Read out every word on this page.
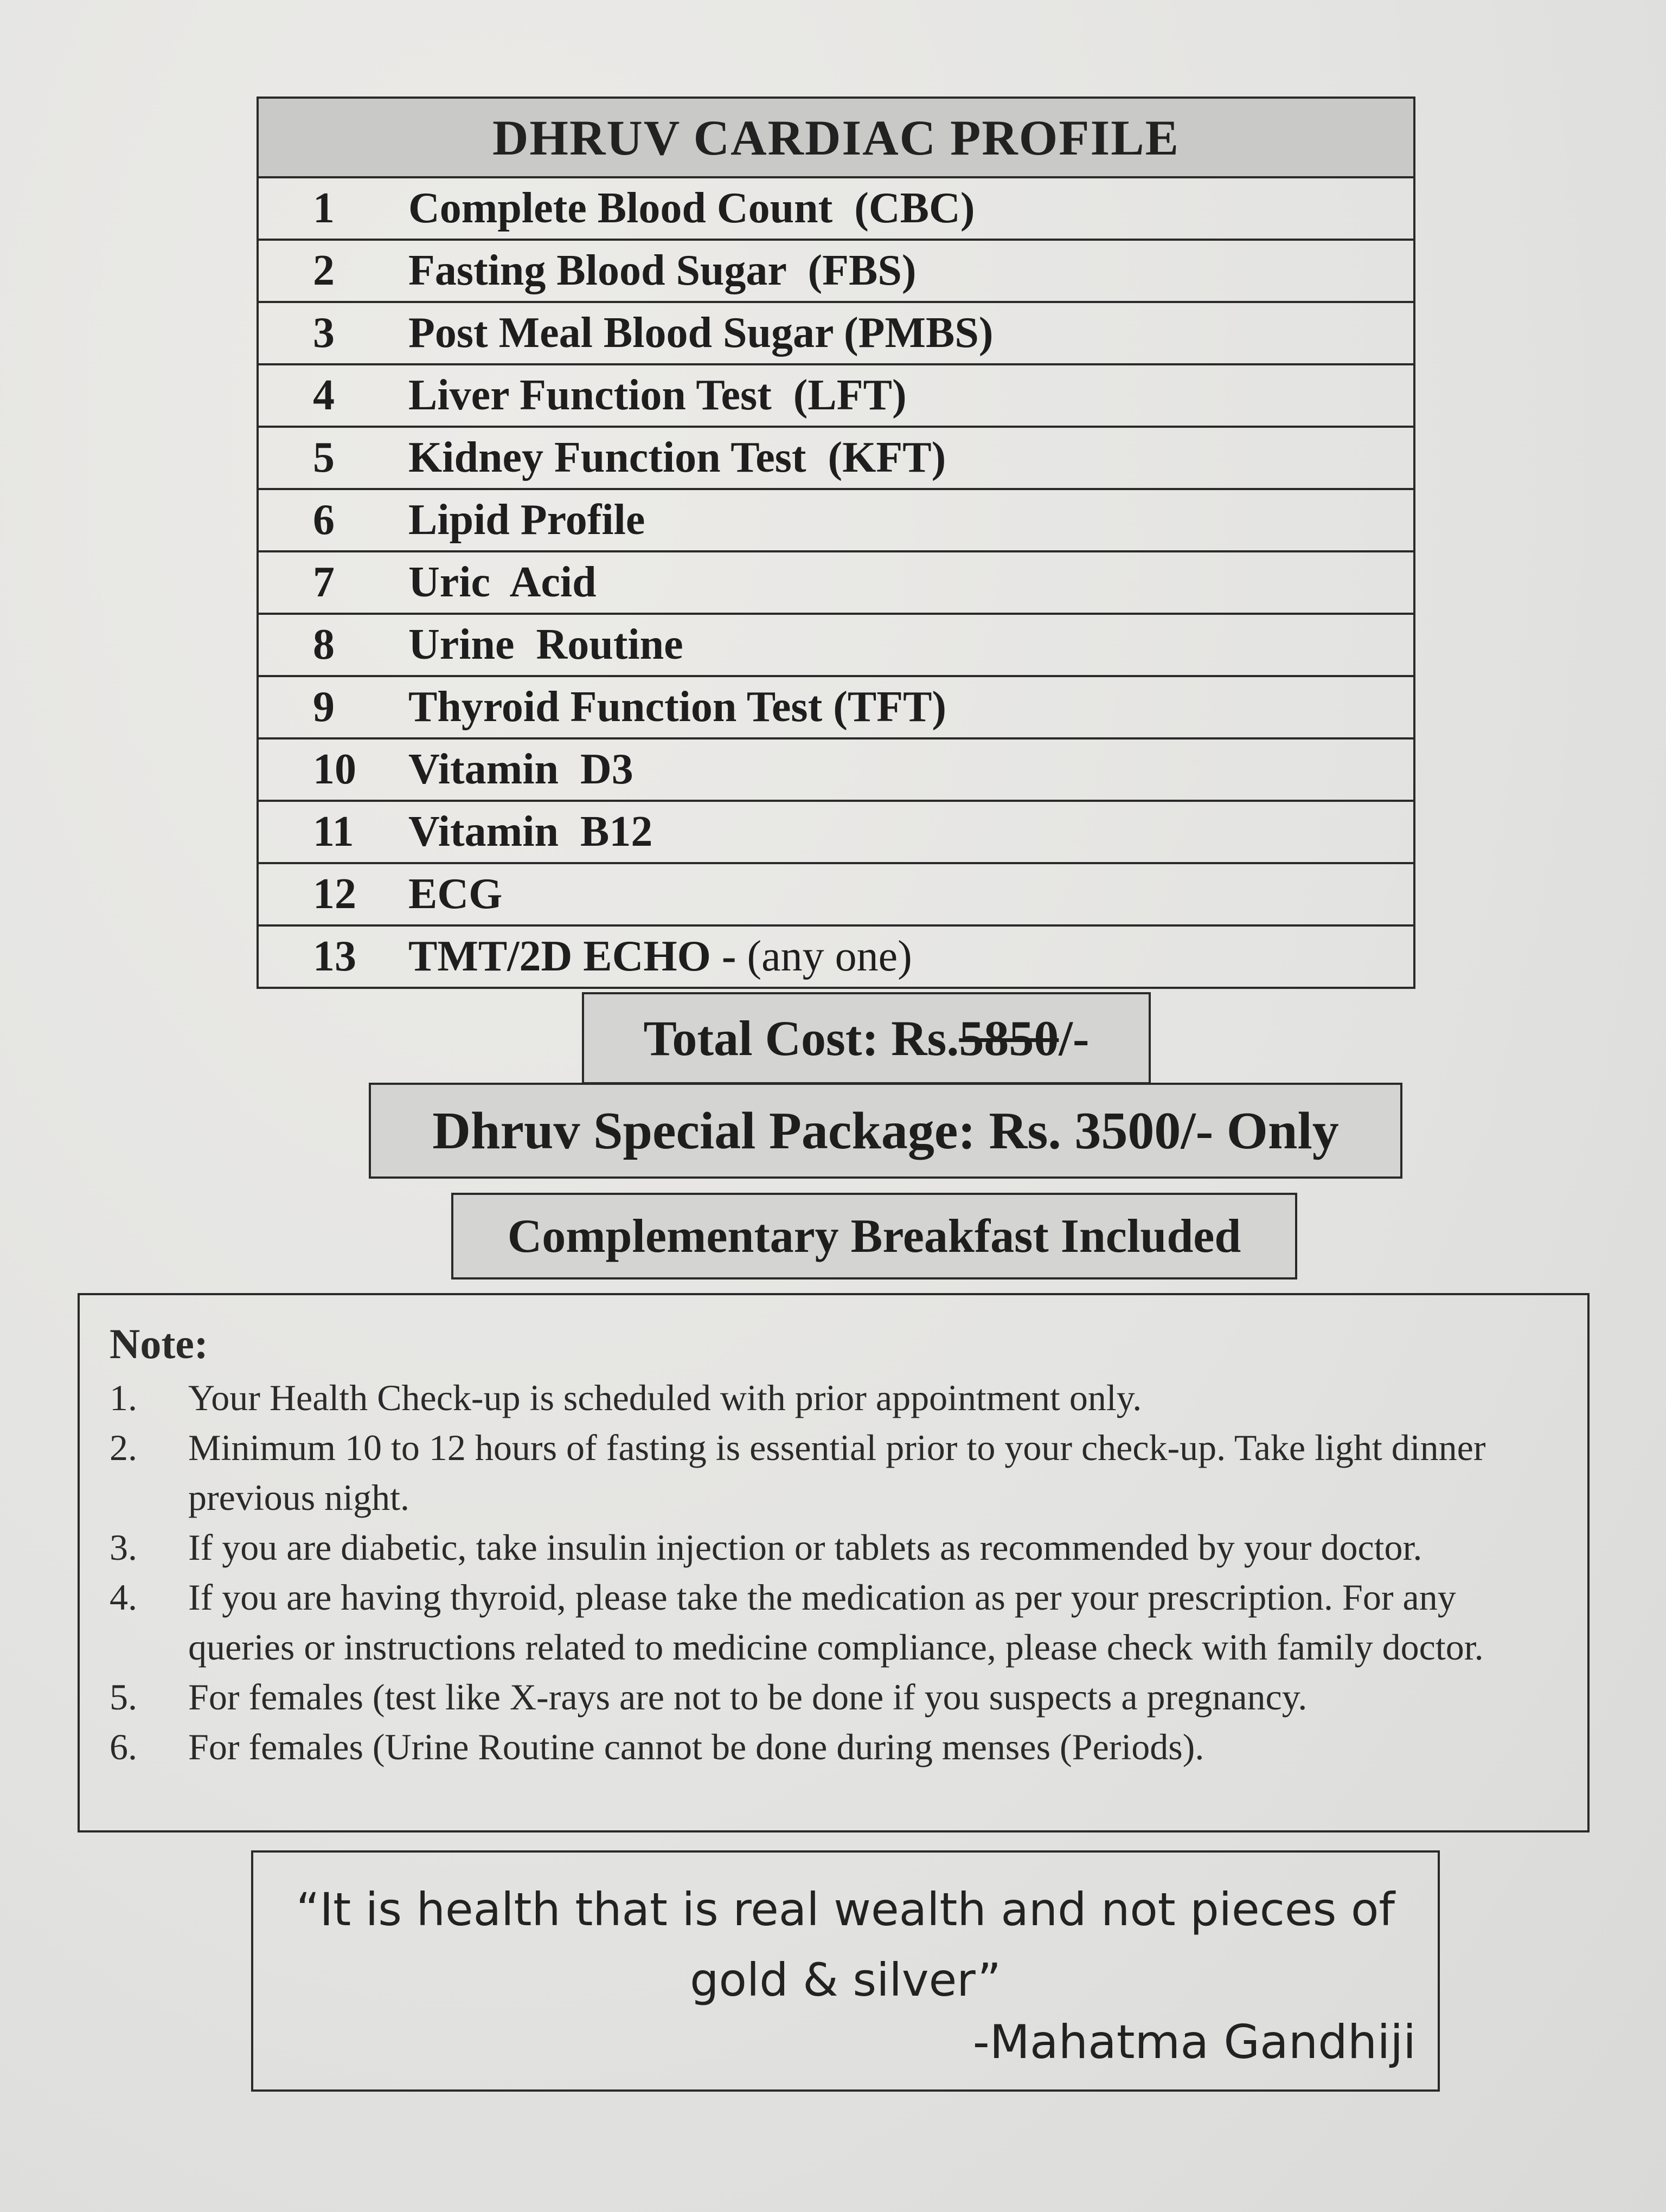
DHRUV CARDIAC PROFILE
1	Complete Blood Count  (CBC)
2	Fasting Blood Sugar  (FBS)
3	Post Meal Blood Sugar (PMBS)
4	Liver Function Test  (LFT)
5	Kidney Function Test  (KFT)
6	Lipid Profile
7	Uric  Acid
8	Urine  Routine
9	Thyroid Function Test (TFT)
10	Vitamin  D3
11	Vitamin  B12
12	ECG
13	TMT/2D ECHO - (any one)
Total Cost: Rs. 5850 /-
Dhruv Special Package: Rs. 3500/- Only
Complementary Breakfast Included
Note:
1.	Your Health Check-up is scheduled with prior appointment only.
2.	Minimum 10 to 12 hours of fasting is essential prior to your check-up. Take light dinner previous night.
3.	If you are diabetic, take insulin injection or tablets as recommended by your doctor.
4.	If you are having thyroid, please take the medication as per your prescription. For any queries or instructions related to medicine compliance, please check with family doctor.
5.	For females (test like X-rays are not to be done if you suspects a pregnancy.
6.	For females (Urine Routine cannot be done during menses (Periods).
“It is health that is real wealth and not pieces of gold & silver”
-Mahatma Gandhiji
